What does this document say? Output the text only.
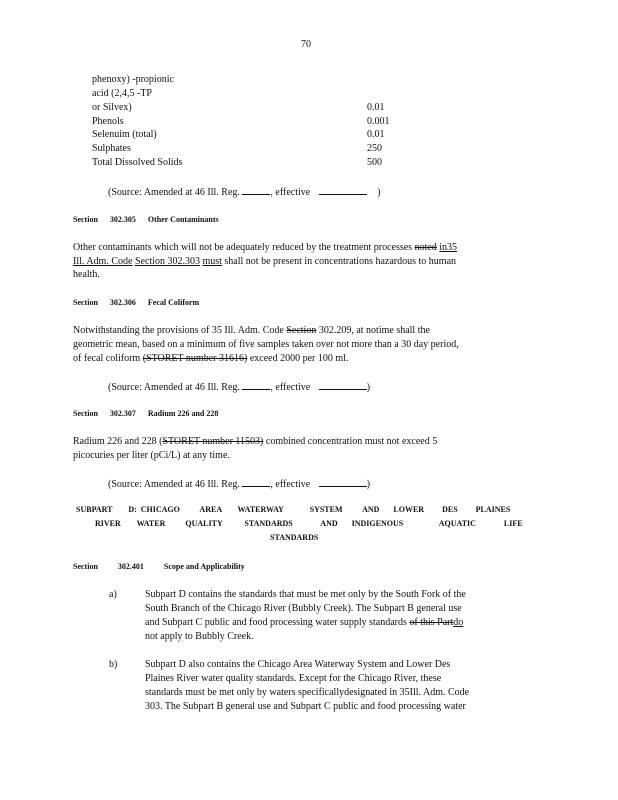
70
phenoxy) -propionic
acid (2,4,5 -TP
or Silvex)	0.01
Phenols	0.001
Selenuim (total)	0.01
Sulphates	250
Total Dissolved Solids	500
(Source: Amended at 46 Ill. Reg.	, effective	)
Section 302.305 Other Contaminants
Other contaminants which will not be adequately reduced by the treatment processes noted in35
Ill. Adm. Code Section 302.303 must shall not be present in concentrations hazardous to human
health.
Section 302.306 Fecal Coliform
Notwithstanding the provisions of 35 Ill. Adm. Code Section 302.209, at notime shall the
geometric mean, based on a minimum of five samples taken over not more than a 30 day period,
of fecal coliform (STORET number 31616) exceed 2000 per 100 ml.
(Source: Amended at 46 Ill. Reg.	, effective	)
Section 302.307 Radium 226 and 228
Radium 226 and 228 (STORET number 11503) combined concentration must not exceed 5
picocuries per liter (pCi/L) at any time.
(Source: Amended at 46 Ill. Reg.	, effective	)
SUBPART        D:  CHICAGO          AREA        WATERWAY             SYSTEM          AND       LOWER         DES         PLAINES
RIVER        WATER          QUALITY           STANDARDS              AND       INDIGENOUS                  AQUATIC              LIFE
STANDARDS
Section	302.401	Scope and Applicability
a)	Subpart D contains the standards that must be met only by the South Fork of the
South Branch of the Chicago River (Bubbly Creek). The Subpart B general use
and Subpart C public and food processing water supply standards of this Partdo
not apply to Bubbly Creek.
b)	Subpart D also contains the Chicago Area Waterway System and Lower Des
Plaines River water quality standards. Except for the Chicago River, these
standards must be met only by waters specificallydesignated in 35Ill. Adm. Code
303. The Subpart B general use and Subpart C public and food processing water
